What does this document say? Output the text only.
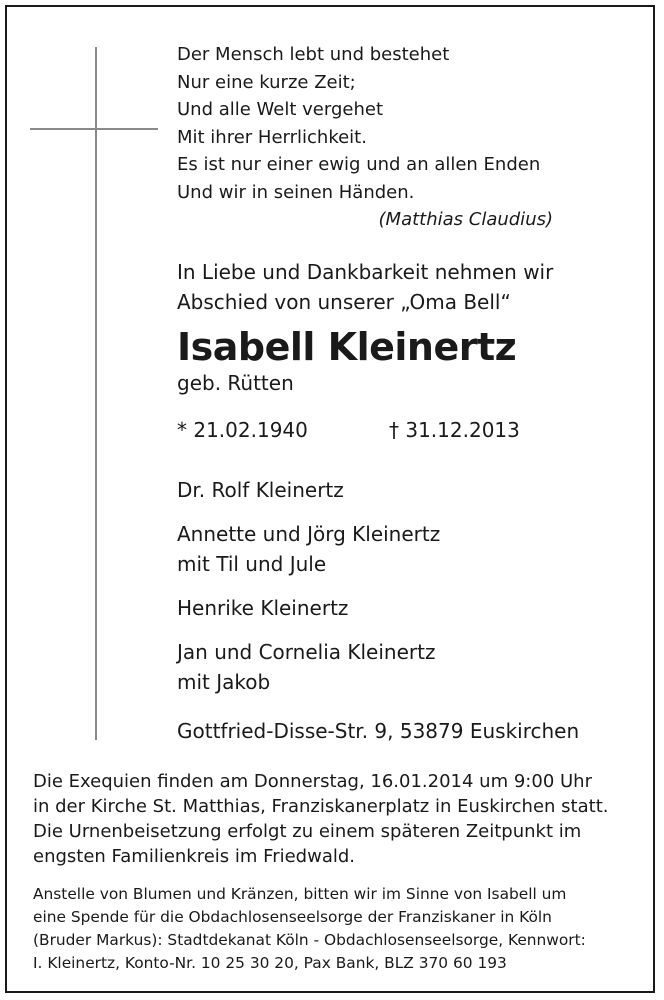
Der Mensch lebt und bestehet
Nur eine kurze Zeit;
Und alle Welt vergehet
Mit ihrer Herrlichkeit.
Es ist nur einer ewig und an allen Enden
Und wir in seinen Händen.
(Matthias Claudius)
In Liebe und Dankbarkeit nehmen wir
Abschied von unserer „Oma Bell“
Isabell Kleinertz
geb. Rütten
* 21.02.1940	† 31.12.2013
Dr. Rolf Kleinertz
Annette und Jörg Kleinertz
mit Til und Jule
Henrike Kleinertz
Jan und Cornelia Kleinertz
mit Jakob
Gottfried-Disse-Str. 9, 53879 Euskirchen
Die Exequien finden am Donnerstag, 16.01.2014 um 9:00 Uhr
in der Kirche St. Matthias, Franziskanerplatz in Euskirchen statt.
Die Urnenbeisetzung erfolgt zu einem späteren Zeitpunkt im
engsten Familienkreis im Friedwald.
Anstelle von Blumen und Kränzen, bitten wir im Sinne von Isabell um
eine Spende für die Obdachlosenseelsorge der Franziskaner in Köln
(Bruder Markus): Stadtdekanat Köln - Obdachlosenseelsorge, Kennwort:
I. Kleinertz, Konto-Nr. 10 25 30 20, Pax Bank, BLZ 370 60 193
